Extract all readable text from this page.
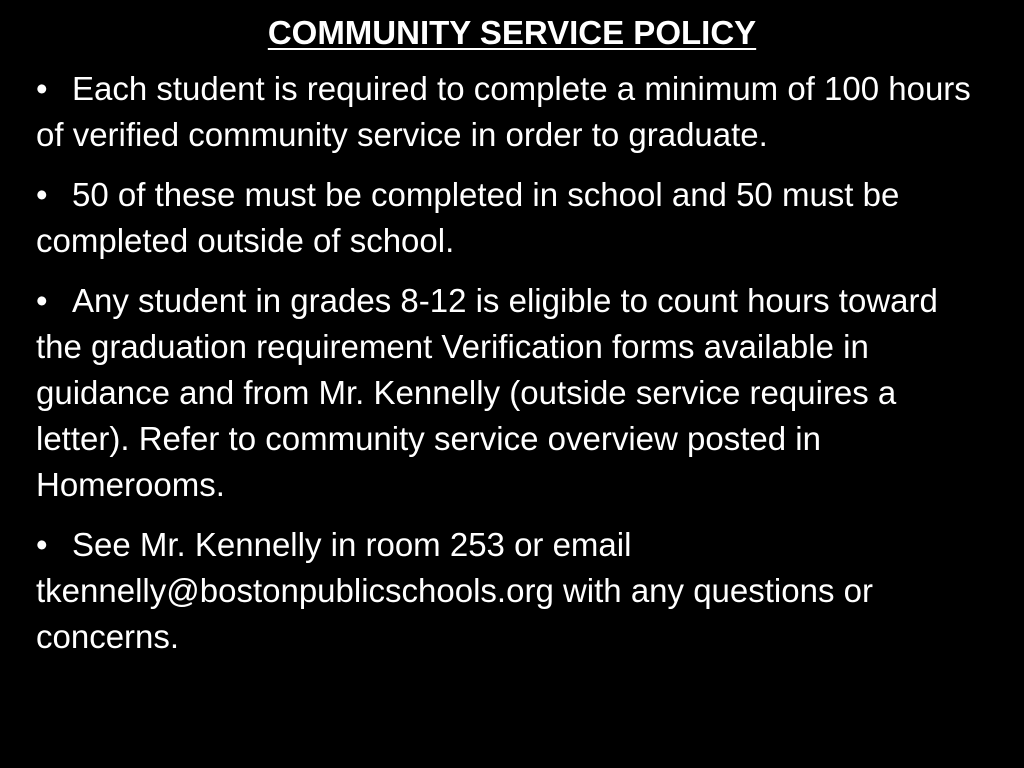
COMMUNITY SERVICE POLICY
• Each student is required to complete a minimum of 100 hours of verified community service in order to graduate.
• 50 of these must be completed in school and 50 must be completed outside of school.
• Any student in grades 8-12 is eligible to count hours toward the graduation requirement Verification forms available in guidance and from Mr. Kennelly (outside service requires a letter). Refer to community service overview posted in Homerooms.
• See Mr. Kennelly in room 253 or email tkennelly@bostonpublicschools.org with any questions or concerns.
